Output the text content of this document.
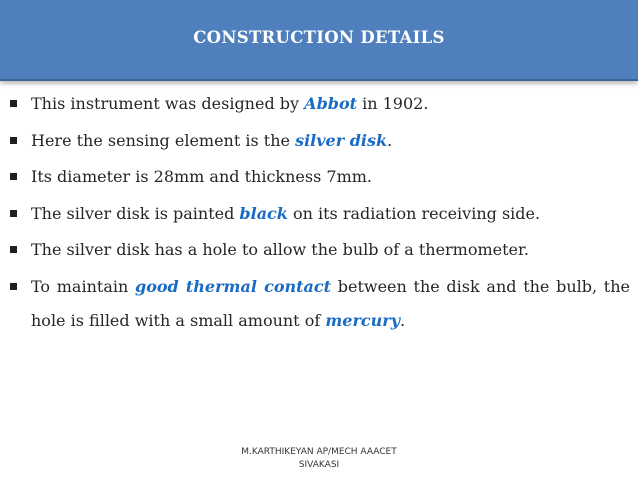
CONSTRUCTION DETAILS
This instrument was designed by Abbot in 1902.
Here the sensing element is the silver disk.
Its diameter is 28mm and thickness 7mm.
The silver disk is painted black on its radiation receiving side.
The silver disk has a hole to allow the bulb of a thermometer.
To maintain good thermal contact between the disk and the bulb, the hole is filled with a small amount of mercury.
M.KARTHIKEYAN AP/MECH AAACET
SIVAKASI
